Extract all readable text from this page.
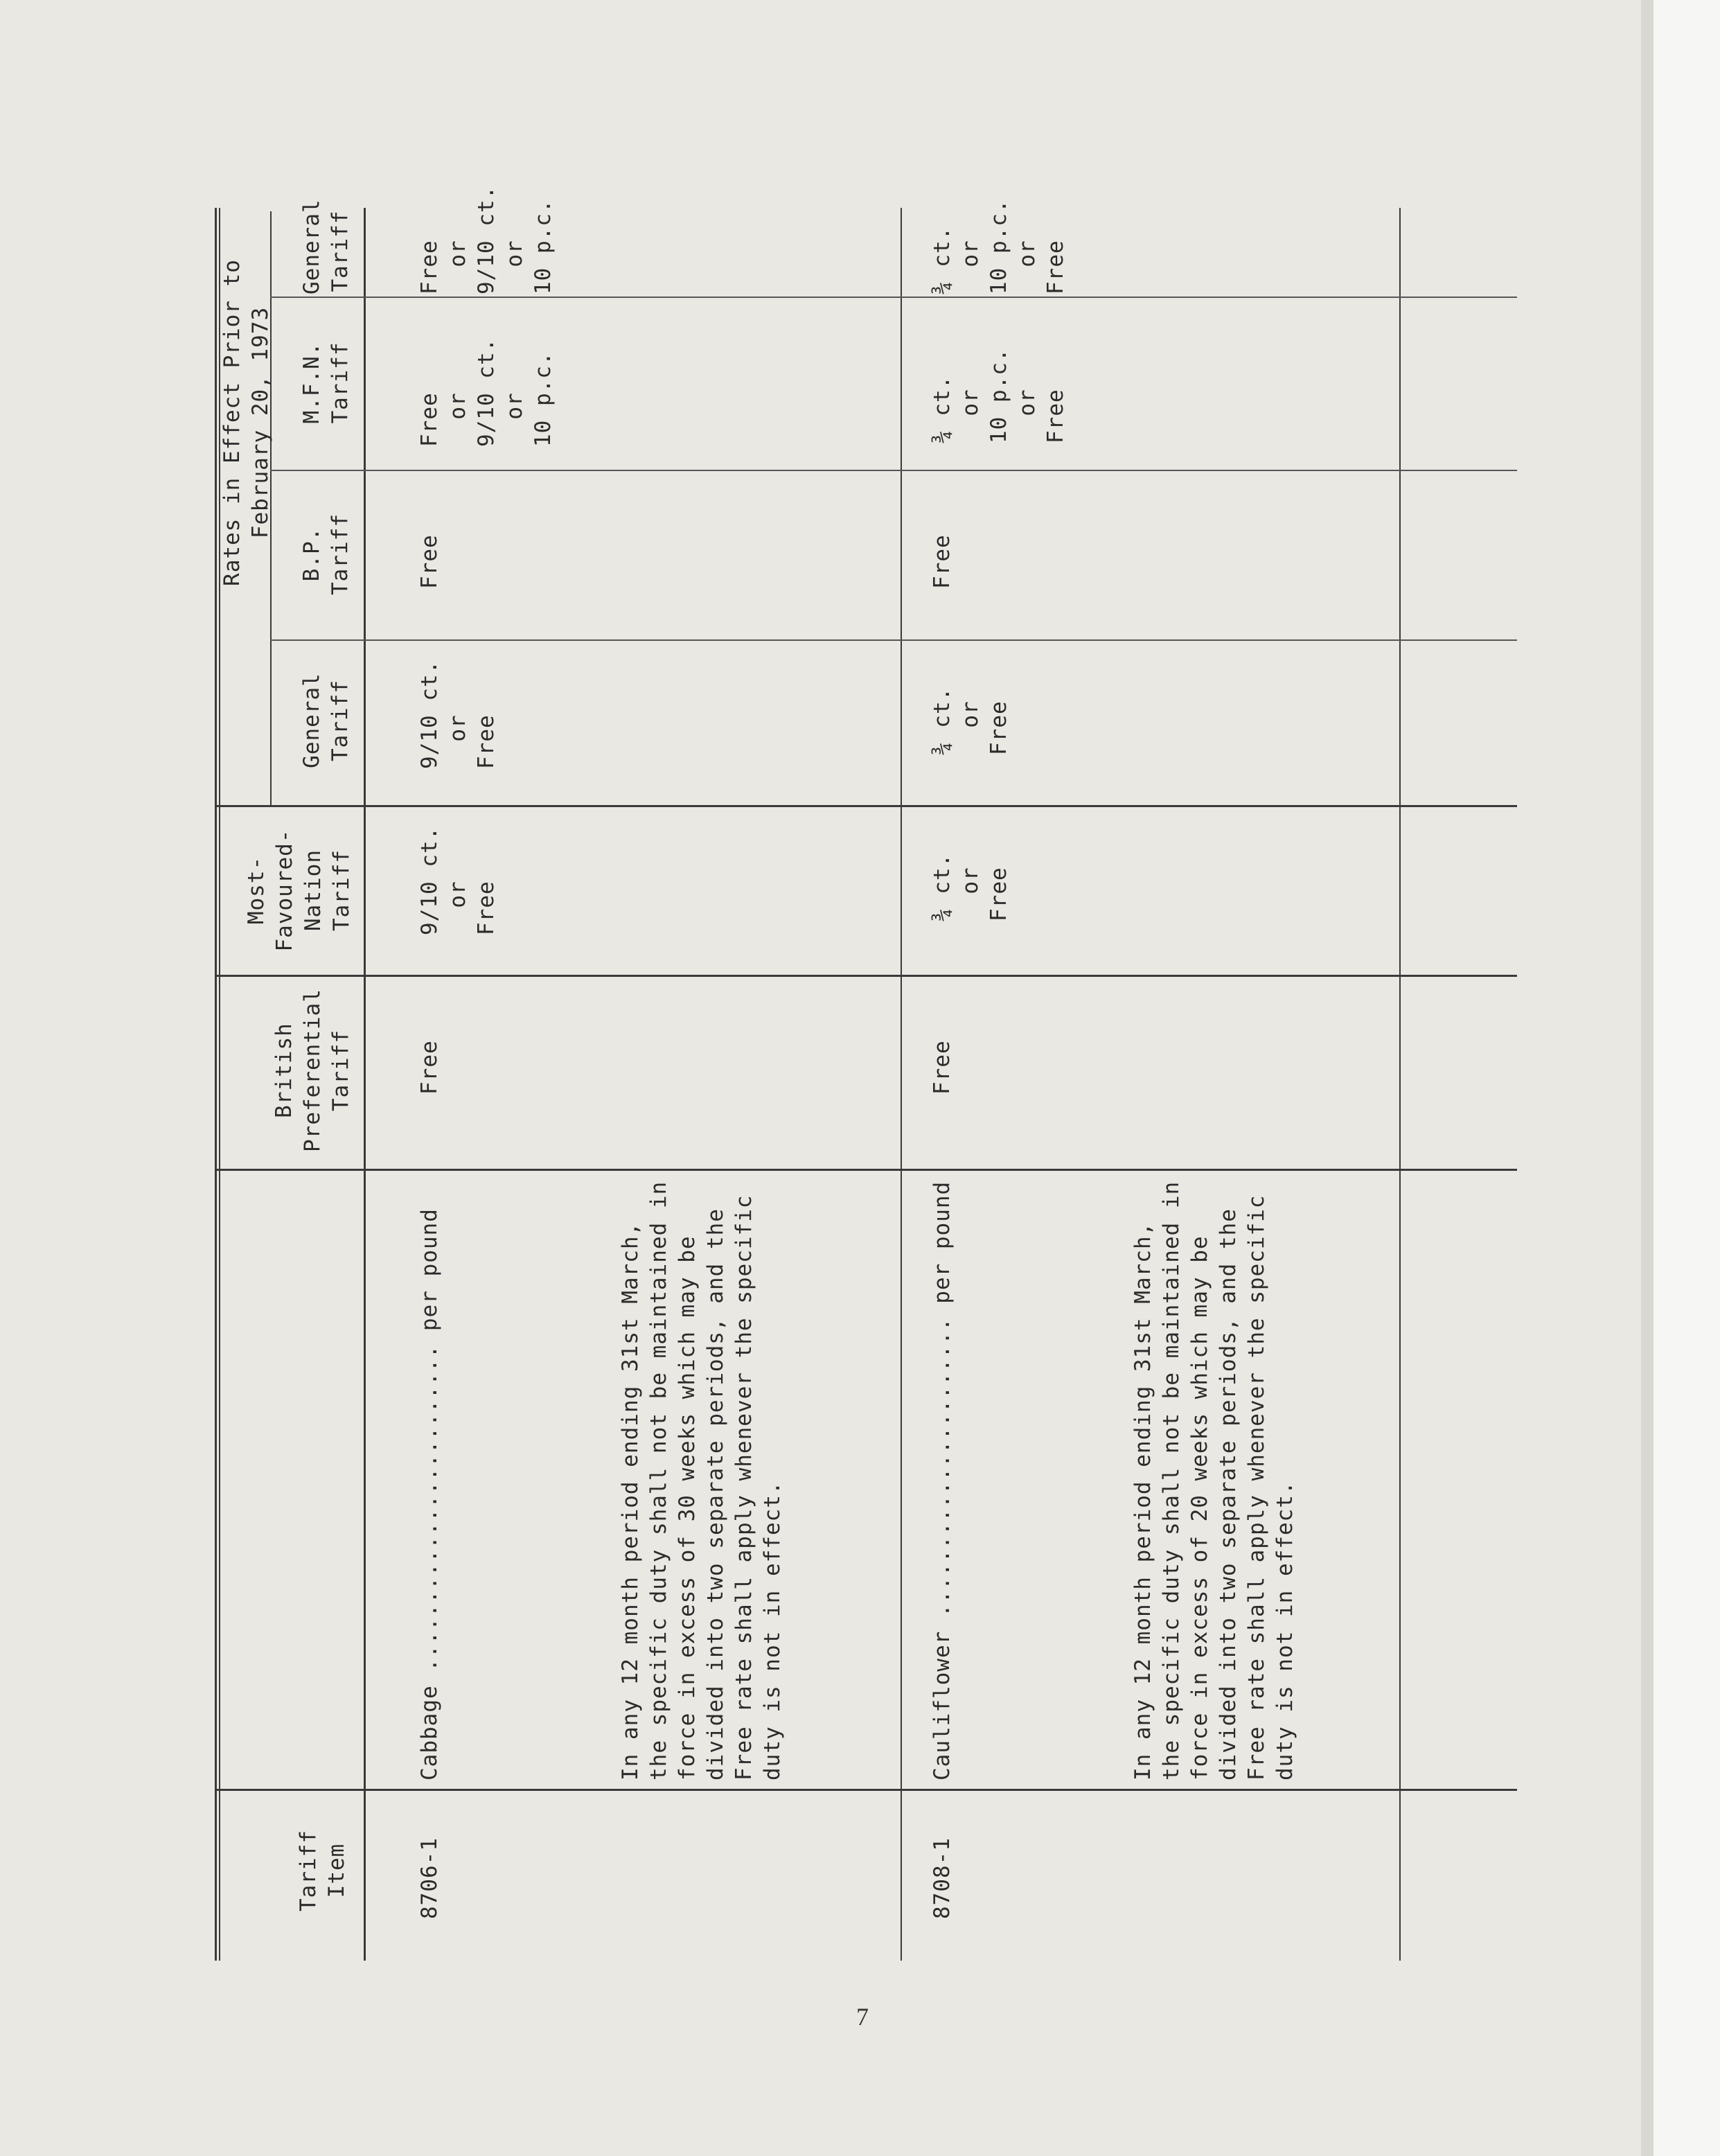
Tariff
Item
British
Preferential
Tariff
Most-
Favoured-
Nation
Tariff
General
Tariff
Rates in Effect Prior to
February 20, 1973
B.P.
Tariff
M.F.N.
Tariff
General
Tariff
8706-1
Cabbage ........................ per pound	In any 12 month period ending 31st March,
the specific duty shall not be maintained in
force in excess of 30 weeks which may be
divided into two separate periods, and the
Free rate shall apply whenever the specific
duty is not in effect.
Free
9/10 ct.
or
Free
9/10 ct.
or
Free
Free
Free
or
9/10 ct.
or
10 p.c.
Free
or
9/10 ct.
or
10 p.c.
8708-1
Cauliflower ...................... per pound	In any 12 month period ending 31st March,
the specific duty shall not be maintained in
force in excess of 20 weeks which may be
divided into two separate periods, and the
Free rate shall apply whenever the specific
duty is not in effect.
Free
¾ ct.
or
Free
¾ ct.
or
Free
Free
¾ ct.
or
10 p.c.
or
Free
¾ ct.
or
10 p.c.
or
Free
7
